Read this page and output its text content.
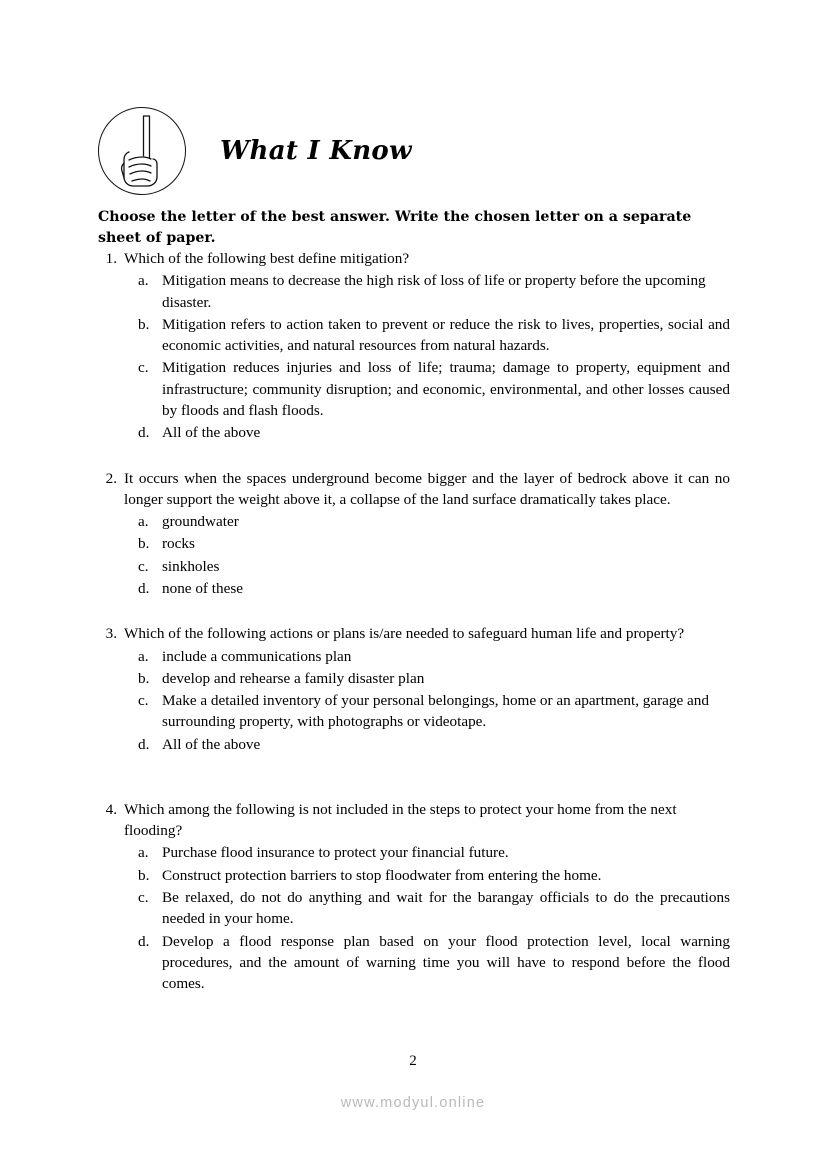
What I Know
Choose the letter of the best answer. Write the chosen letter on a separate sheet of paper.
1. Which of the following best define mitigation?
a. Mitigation means to decrease the high risk of loss of life or property before the upcoming disaster.
b. Mitigation refers to action taken to prevent or reduce the risk to lives, properties, social and economic activities, and natural resources from natural hazards.
c. Mitigation reduces injuries and loss of life; trauma; damage to property, equipment and infrastructure; community disruption; and economic, environmental, and other losses caused by floods and flash floods.
d. All of the above
2. It occurs when the spaces underground become bigger and the layer of bedrock above it can no longer support the weight above it, a collapse of the land surface dramatically takes place.
a. groundwater
b. rocks
c. sinkholes
d. none of these
3. Which of the following actions or plans is/are needed to safeguard human life and property?
a. include a communications plan
b. develop and rehearse a family disaster plan
c. Make a detailed inventory of your personal belongings, home or an apartment, garage and surrounding property, with photographs or videotape.
d. All of the above
4. Which among the following is not included in the steps to protect your home from the next flooding?
a. Purchase flood insurance to protect your financial future.
b. Construct protection barriers to stop floodwater from entering the home.
c. Be relaxed, do not do anything and wait for the barangay officials to do the precautions needed in your home.
d. Develop a flood response plan based on your flood protection level, local warning procedures, and the amount of warning time you will have to respond before the flood comes.
2
www.modyul.online
